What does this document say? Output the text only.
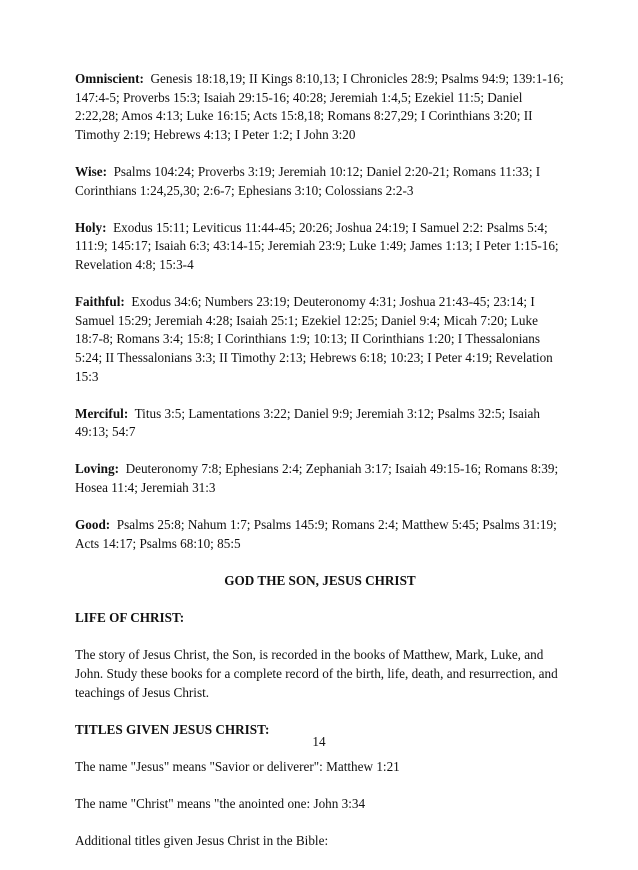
Omniscient: Genesis 18:18,19; II Kings 8:10,13; I Chronicles 28:9; Psalms 94:9; 139:1-16; 147:4-5; Proverbs 15:3; Isaiah 29:15-16; 40:28; Jeremiah 1:4,5; Ezekiel 11:5; Daniel 2:22,28; Amos 4:13; Luke 16:15; Acts 15:8,18; Romans 8:27,29; I Corinthians 3:20; II Timothy 2:19; Hebrews 4:13; I Peter 1:2; I John 3:20

Wise: Psalms 104:24; Proverbs 3:19; Jeremiah 10:12; Daniel 2:20-21; Romans 11:33; I Corinthians 1:24,25,30; 2:6-7; Ephesians 3:10; Colossians 2:2-3

Holy: Exodus 15:11; Leviticus 11:44-45; 20:26; Joshua 24:19; I Samuel 2:2: Psalms 5:4; 111:9; 145:17; Isaiah 6:3; 43:14-15; Jeremiah 23:9; Luke 1:49; James 1:13; I Peter 1:15-16; Revelation 4:8; 15:3-4

Faithful: Exodus 34:6; Numbers 23:19; Deuteronomy 4:31; Joshua 21:43-45; 23:14; I Samuel 15:29; Jeremiah 4:28; Isaiah 25:1; Ezekiel 12:25; Daniel 9:4; Micah 7:20; Luke 18:7-8; Romans 3:4; 15:8; I Corinthians 1:9; 10:13; II Corinthians 1:20; I Thessalonians 5:24; II Thessalonians 3:3; II Timothy 2:13; Hebrews 6:18; 10:23; I Peter 4:19; Revelation 15:3

Merciful: Titus 3:5; Lamentations 3:22; Daniel 9:9; Jeremiah 3:12; Psalms 32:5; Isaiah 49:13; 54:7

Loving: Deuteronomy 7:8; Ephesians 2:4; Zephaniah 3:17; Isaiah 49:15-16; Romans 8:39; Hosea 11:4; Jeremiah 31:3

Good: Psalms 25:8; Nahum 1:7; Psalms 145:9; Romans 2:4; Matthew 5:45; Psalms 31:19; Acts 14:17; Psalms 68:10; 85:5

GOD THE SON, JESUS CHRIST

LIFE OF CHRIST:

The story of Jesus Christ, the Son, is recorded in the books of Matthew, Mark, Luke, and John. Study these books for a complete record of the birth, life, death, and resurrection, and teachings of Jesus Christ.

TITLES GIVEN JESUS CHRIST:

The name "Jesus" means "Savior or deliverer": Matthew 1:21

The name "Christ" means "the anointed one: John 3:34

Additional titles given Jesus Christ in the Bible:

14
